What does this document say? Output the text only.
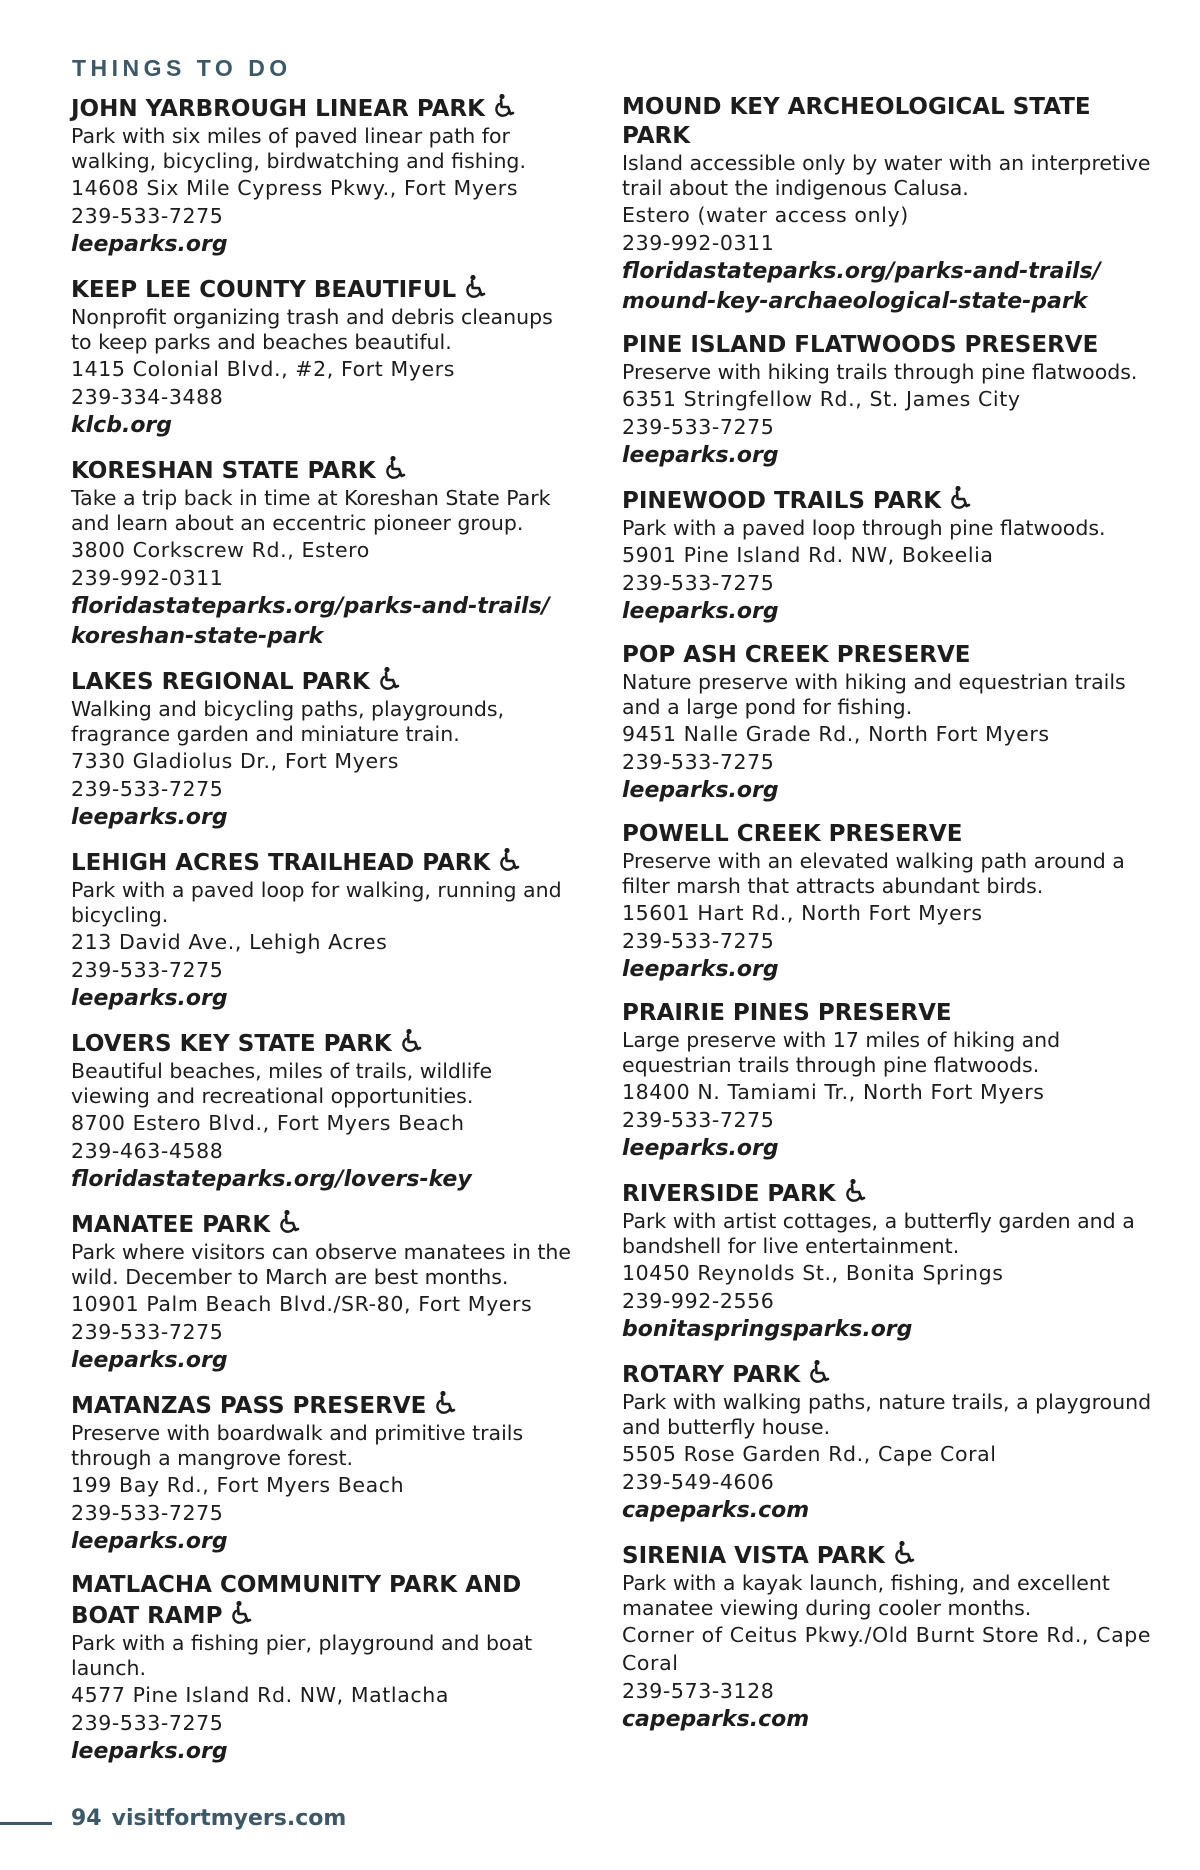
THINGS TO DO
JOHN YARBROUGH LINEAR PARK
Park with six miles of paved linear path for walking, bicycling, birdwatching and fishing.
14608 Six Mile Cypress Pkwy., Fort Myers
239-533-7275
leeparks.org
KEEP LEE COUNTY BEAUTIFUL
Nonprofit organizing trash and debris cleanups to keep parks and beaches beautiful.
1415 Colonial Blvd., #2, Fort Myers
239-334-3488
klcb.org
KORESHAN STATE PARK
Take a trip back in time at Koreshan State Park and learn about an eccentric pioneer group.
3800 Corkscrew Rd., Estero
239-992-0311
floridastateparks.org/parks-and-trails/ koreshan-state-park
LAKES REGIONAL PARK
Walking and bicycling paths, playgrounds, fragrance garden and miniature train.
7330 Gladiolus Dr., Fort Myers
239-533-7275
leeparks.org
LEHIGH ACRES TRAILHEAD PARK
Park with a paved loop for walking, running and bicycling.
213 David Ave., Lehigh Acres
239-533-7275
leeparks.org
LOVERS KEY STATE PARK
Beautiful beaches, miles of trails, wildlife viewing and recreational opportunities.
8700 Estero Blvd., Fort Myers Beach
239-463-4588
floridastateparks.org/lovers-key
MANATEE PARK
Park where visitors can observe manatees in the wild. December to March are best months.
10901 Palm Beach Blvd./SR-80, Fort Myers
239-533-7275
leeparks.org
MATANZAS PASS PRESERVE
Preserve with boardwalk and primitive trails through a mangrove forest.
199 Bay Rd., Fort Myers Beach
239-533-7275
leeparks.org
MATLACHA COMMUNITY PARK AND BOAT RAMP
Park with a fishing pier, playground and boat launch.
4577 Pine Island Rd. NW, Matlacha
239-533-7275
leeparks.org
MOUND KEY ARCHEOLOGICAL STATE PARK
Island accessible only by water with an interpretive trail about the indigenous Calusa.
Estero (water access only)
239-992-0311
floridastateparks.org/parks-and-trails/ mound-key-archaeological-state-park
PINE ISLAND FLATWOODS PRESERVE
Preserve with hiking trails through pine flatwoods.
6351 Stringfellow Rd., St. James City
239-533-7275
leeparks.org
PINEWOOD TRAILS PARK
Park with a paved loop through pine flatwoods.
5901 Pine Island Rd. NW, Bokeelia
239-533-7275
leeparks.org
POP ASH CREEK PRESERVE
Nature preserve with hiking and equestrian trails and a large pond for fishing.
9451 Nalle Grade Rd., North Fort Myers
239-533-7275
leeparks.org
POWELL CREEK PRESERVE
Preserve with an elevated walking path around a filter marsh that attracts abundant birds.
15601 Hart Rd., North Fort Myers
239-533-7275
leeparks.org
PRAIRIE PINES PRESERVE
Large preserve with 17 miles of hiking and equestrian trails through pine flatwoods.
18400 N. Tamiami Tr., North Fort Myers
239-533-7275
leeparks.org
RIVERSIDE PARK
Park with artist cottages, a butterfly garden and a bandshell for live entertainment.
10450 Reynolds St., Bonita Springs
239-992-2556
bonitaspringsparks.org
ROTARY PARK
Park with walking paths, nature trails, a playground and butterfly house.
5505 Rose Garden Rd., Cape Coral
239-549-4606
capeparks.com
SIRENIA VISTA PARK
Park with a kayak launch, fishing, and excellent manatee viewing during cooler months.
Corner of Ceitus Pkwy./Old Burnt Store Rd., Cape Coral
239-573-3128
capeparks.com
94 visitfortmyers.com
